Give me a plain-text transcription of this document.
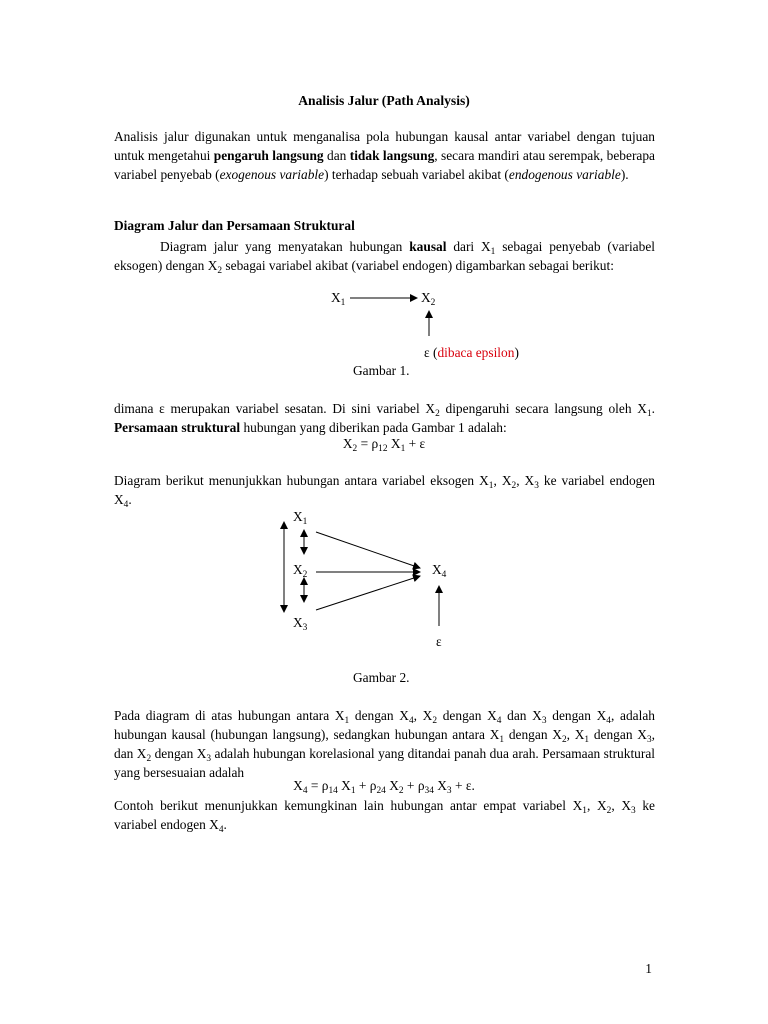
Analisis Jalur (Path Analysis)
Analisis jalur digunakan untuk menganalisa pola hubungan kausal antar variabel dengan tujuan untuk mengetahui pengaruh langsung dan tidak langsung, secara mandiri atau serempak, beberapa variabel penyebab (exogenous variable) terhadap sebuah variabel akibat (endogenous variable).
Diagram Jalur dan Persamaan Struktural
Diagram jalur yang menyatakan hubungan kausal dari $X_1$ sebagai penyebab (variabel eksogen) dengan $X_2$ sebagai variabel akibat (variabel endogen) digambarkan sebagai berikut:
$X_1$	$X_2$
ε (dibaca epsilon)
Gambar 1.
dimana ε merupakan variabel sesatan. Di sini variabel $X_2$ dipengaruhi secara langsung oleh $X_1$. Persamaan struktural hubungan yang diberikan pada Gambar 1 adalah:
$X_2 = \rho_{12}$ $X_1 + \varepsilon$
Diagram berikut menunjukkan hubungan antara variabel eksogen $X_1$, $X_2$, $X_3$ ke variabel endogen $X_4$.
$X_1$
$X_2$
$X_3$
$X_4$
ε
Gambar 2.
Pada diagram di atas hubungan antara $X_1$ dengan $X_4$, $X_2$ dengan $X_4$ dan $X_3$ dengan $X_4$, adalah hubungan kausal (hubungan langsung), sedangkan hubungan antara $X_1$ dengan $X_2$, $X_1$ dengan $X_3$, dan $X_2$ dengan $X_3$ adalah hubungan korelasional yang ditandai panah dua arah. Persamaan struktural yang bersesuaian adalah
$X_4 = \rho_{14}$ $X_1 + \rho_{24}$ $X_2 + \rho_{34}$ $X_3 + \varepsilon$.
Contoh berikut menunjukkan kemungkinan lain hubungan antar empat variabel $X_1$, $X_2$, $X_3$ ke variabel endogen $X_4$.
1
